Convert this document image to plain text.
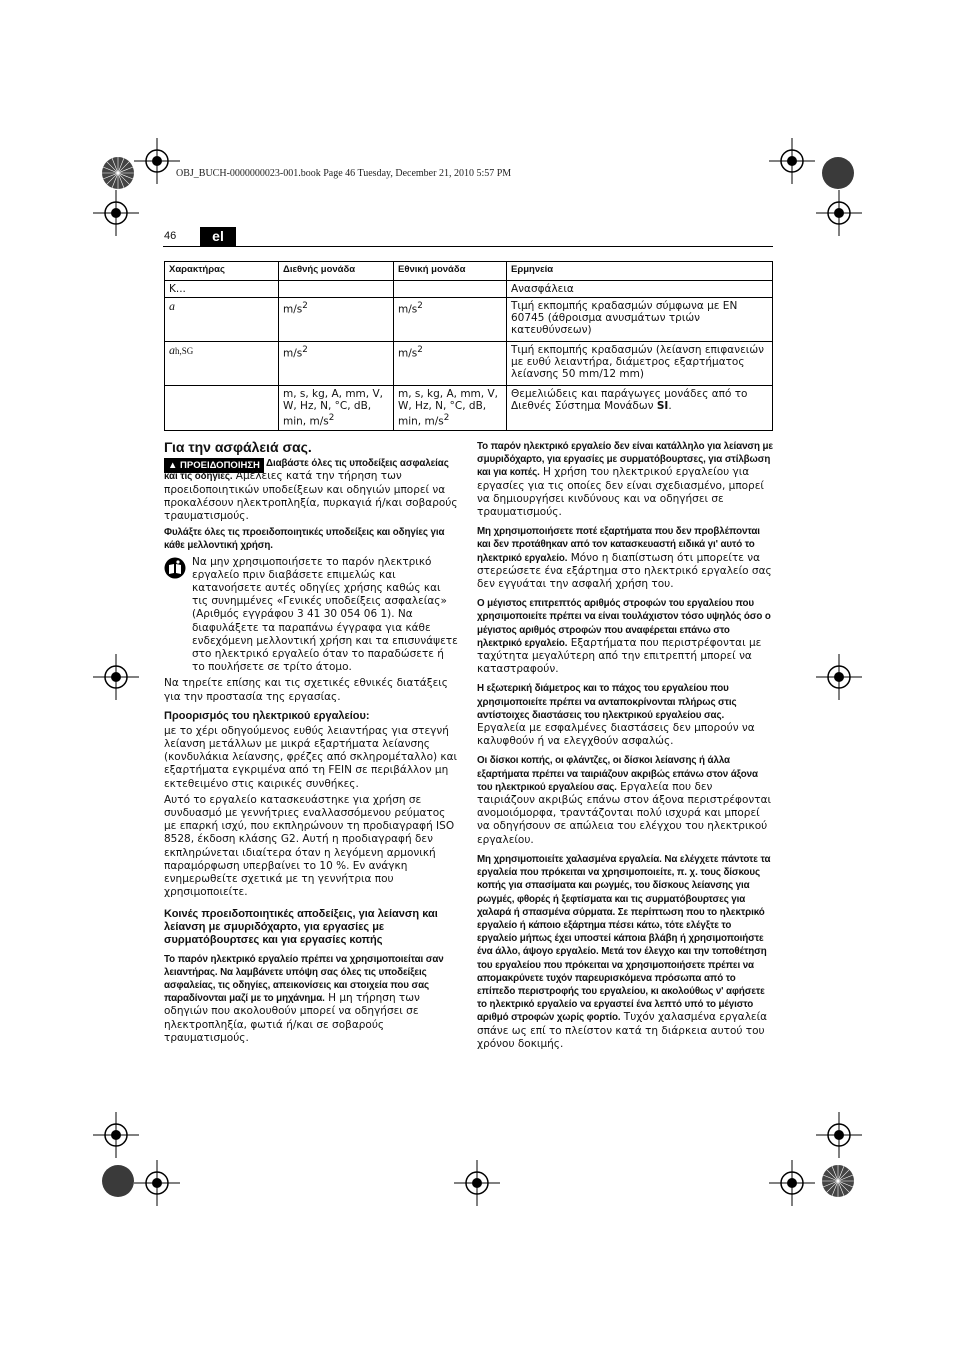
OBJ_BUCH-0000000023-001.book Page 46 Tuesday, December 21, 2010 5:57 PM
46	el
Χαρακτήρας	Διεθνής μονάδα	Εθνική μονάδα	Ερμηνεία
K...			Ανασφάλεια
a	$m/s^2$	$m/s^2$	Τιμή εκπομπής κραδασμών σύμφωνα με EN 60745 (άθροισμα ανυσμάτων τριών κατευθύνσεων)
ah,SG	$m/s^2$	$m/s^2$	Τιμή εκπομπής κραδασμών (λείανση επιφανειών με ευθύ λειαντήρα, διάμετρος εξαρτήματος λείανσης 50 mm/12 mm)
	m, s, kg, A, mm, V, W, Hz, N, °C, dB, min, $m/s^2$	m, s, kg, A, mm, V, W, Hz, N, °C, dB, min, $m/s^2$	Θεμελιώδεις και παράγωγες μονάδες από το Διεθνές Σύστημα Μονάδων SI.
Για την ασφάλειά σας.
▲ ΠΡΟΕΙΔΟΠΟΙΗΣΗ Διαβάστε όλες τις υποδείξεις ασφαλείας και τις οδηγίες. Αμέλειες κατά την τήρηση των προειδοποιητικών υποδείξεων και οδηγιών μπορεί να προκαλέσουν ηλεκτροπληξία, πυρκαγιά ή/και σοβαρούς τραυματισμούς.

Φυλάξτε όλες τις προειδοποιητικές υποδείξεις και οδηγίες για κάθε μελλοντική χρήση.

Να μην χρησιμοποιήσετε το παρόν ηλεκτρικό εργαλείο πριν διαβάσετε επιμελώς και κατανοήσετε αυτές οδηγίες χρήσης καθώς και τις συνημμένες «Γενικές υποδείξεις ασφαλείας» (Αριθμός εγγράφου 3 41 30 054 06 1). Να διαφυλάξετε τα παραπάνω έγγραφα για κάθε ενδεχόμενη μελλοντική χρήση και τα επισυνάψετε στο ηλεκτρικό εργαλείο όταν το παραδώσετε ή το πουλήσετε σε τρίτο άτομο.

Να τηρείτε επίσης και τις σχετικές εθνικές διατάξεις για την προστασία της εργασίας.

Προορισμός του ηλεκτρικού εργαλείου:

με το χέρι οδηγούμενος ευθύς λειαντήρας για στεγνή λείανση μετάλλων με μικρά εξαρτήματα λείανσης (κονδυλάκια λείανσης, φρέζες από σκληρομέταλλο) και εξαρτήματα εγκριμένα από τη FEIN σε περιβάλλον μη εκτεθειμένο στις καιρικές συνθήκες.

Αυτό το εργαλείο κατασκευάστηκε για χρήση σε συνδυασμό με γεννήτριες εναλλασσόμενου ρεύματος με επαρκή ισχύ, που εκπληρώνουν τη προδιαγραφή ISO 8528, έκδοση κλάσης G2. Αυτή η προδιαγραφή δεν εκπληρώνεται ιδιαίτερα όταν η λεγόμενη αρμονική παραμόρφωση υπερβαίνει το 10 %. Εν ανάγκη ενημερωθείτε σχετικά με τη γεννήτρια που χρησιμοποιείτε.

Κοινές προειδοποιητικές αποδείξεις, για λείανση και λείανση με σμυριδόχαρτο, για εργασίες με συρματόβουρτσες και για εργασίες κοπής

Το παρόν ηλεκτρικό εργαλείο πρέπει να χρησιμοποιείται σαν λειαντήρας. Να λαμβάνετε υπόψη σας όλες τις υποδείξεις ασφαλείας, τις οδηγίες, απεικονίσεις και στοιχεία που σας παραδίνονται μαζί με το μηχάνημα. Η μη τήρηση των οδηγιών που ακολουθούν μπορεί να οδηγήσει σε ηλεκτροπληξία, φωτιά ή/και σε σοβαρούς τραυματισμούς.

Το παρόν ηλεκτρικό εργαλείο δεν είναι κατάλληλο για λείανση με σμυριδόχαρτο, για εργασίες με συρματόβουρτσες, για στίλβωση και για κοπές. Η χρήση του ηλεκτρικού εργαλείου για εργασίες για τις οποίες δεν είναι σχεδιασμένο, μπορεί να δημιουργήσει κινδύνους και να οδηγήσει σε τραυματισμούς.

Μη χρησιμοποιήσετε ποτέ εξαρτήματα που δεν προβλέπονται και δεν προτάθηκαν από τον κατασκευαστή ειδικά γι' αυτό το ηλεκτρικό εργαλείο. Μόνο η διαπίστωση ότι μπορείτε να στερεώσετε ένα εξάρτημα στο ηλεκτρικό εργαλείο σας δεν εγγυάται την ασφαλή χρήση του.

Ο μέγιστος επιτρεπτός αριθμός στροφών του εργαλείου που χρησιμοποιείτε πρέπει να είναι τουλάχιστον τόσο υψηλός όσο ο μέγιστος αριθμός στροφών που αναφέρεται επάνω στο ηλεκτρικό εργαλείο. Εξαρτήματα που περιστρέφονται με ταχύτητα μεγαλύτερη από την επιτρεπτή μπορεί να καταστραφούν.

Η εξωτερική διάμετρος και το πάχος του εργαλείου που χρησιμοποιείτε πρέπει να ανταποκρίνονται πλήρως στις αντίστοιχες διαστάσεις του ηλεκτρικού εργαλείου σας. Εργαλεία με εσφαλμένες διαστάσεις δεν μπορούν να καλυφθούν ή να ελεγχθούν ασφαλώς.

Οι δίσκοι κοπής, οι φλάντζες, οι δίσκοι λείανσης ή άλλα εξαρτήματα πρέπει να ταιριάζουν ακριβώς επάνω στον άξονα του ηλεκτρικού εργαλείου σας. Εργαλεία που δεν ταιριάζουν ακριβώς επάνω στον άξονα περιστρέφονται ανομοιόμορφα, τραντάζονται πολύ ισχυρά και μπορεί να οδηγήσουν σε απώλεια του ελέγχου του ηλεκτρικού εργαλείου.

Μη χρησιμοποιείτε χαλασμένα εργαλεία. Να ελέγχετε πάντοτε τα εργαλεία που πρόκειται να χρησιμοποιείτε, π. χ. τους δίσκους κοπής για σπασίματα και ρωγμές, του δίσκους λείανσης για ρωγμές, φθορές ή ξεφτίσματα και τις συρματόβουρτσες για χαλαρά ή σπασμένα σύρματα. Σε περίπτωση που το ηλεκτρικό εργαλείο ή κάποιο εξάρτημα πέσει κάτω, τότε ελέγξτε το εργαλείο μήπως έχει υποστεί κάποια βλάβη ή χρησιμοποιήστε ένα άλλο, άψογο εργαλείο. Μετά τον έλεγχο και την τοποθέτηση του εργαλείου που πρόκειται να χρησιμοποιήσετε πρέπει να απομακρύνετε τυχόν παρευρισκόμενα πρόσωπα από το επίπεδο περιστροφής του εργαλείου, κι ακολούθως ν' αφήσετε το ηλεκτρικό εργαλείο να εργαστεί ένα λεπτό υπό το μέγιστο αριθμό στροφών χωρίς φορτίο. Τυχόν χαλασμένα εργαλεία σπάνε ως επί το πλείστον κατά τη διάρκεια αυτού του χρόνου δοκιμής.
